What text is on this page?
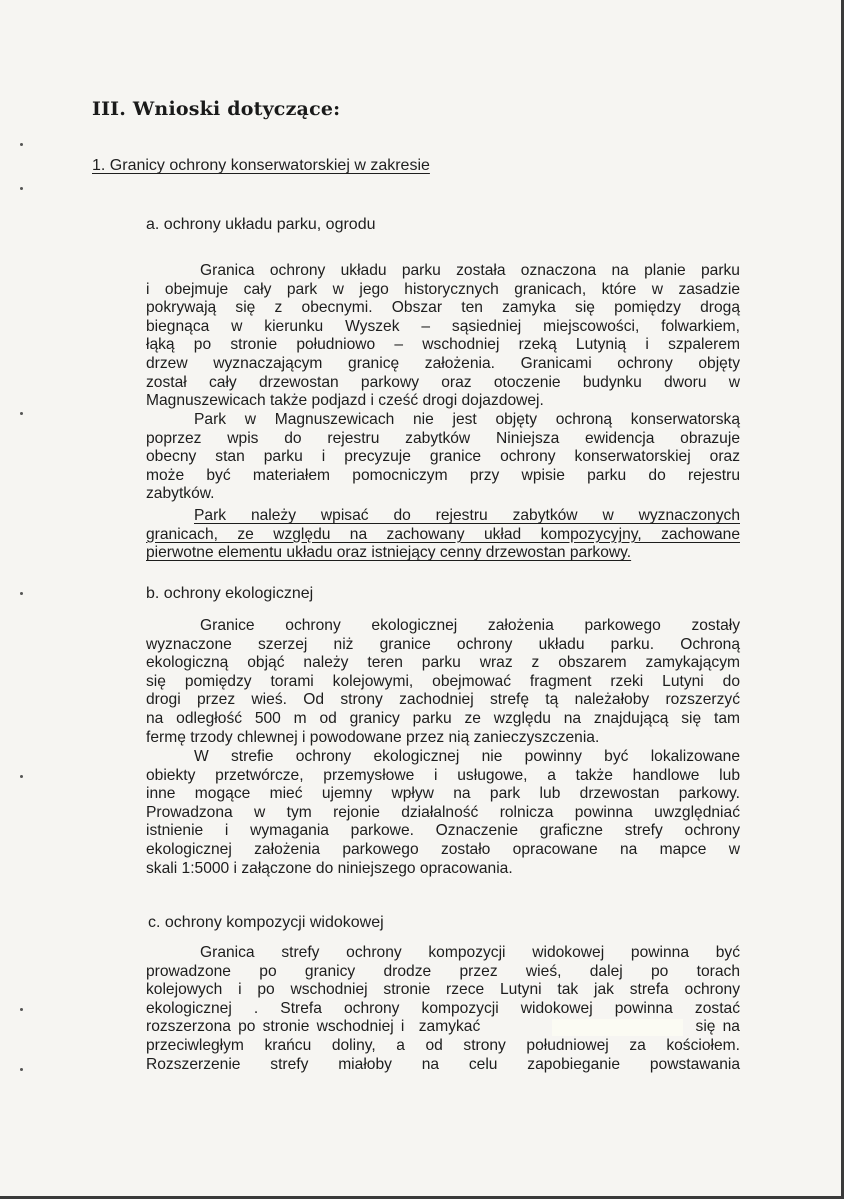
III. Wnioski dotyczące:
1. Granicy ochrony konserwatorskiej w zakresie
a. ochrony układu parku, ogrodu

Granica ochrony układu parku została oznaczona na planie parku
i obejmuje cały park w jego historycznych granicach, które w zasadzie
pokrywają się z obecnymi. Obszar ten zamyka się pomiędzy drogą
biegnąca w kierunku Wyszek – sąsiedniej miejscowości, folwarkiem,
łąką po stronie południowo – wschodniej rzeką Lutynią i szpalerem
drzew wyznaczającym granicę założenia. Granicami ochrony objęty
został cały drzewostan parkowy oraz otoczenie budynku dworu w
Magnuszewicach także podjazd i cześć drogi dojazdowej.

Park w Magnuszewicach nie jest objęty ochroną konserwatorską
poprzez wpis do rejestru zabytków Niniejsza ewidencja obrazuje
obecny stan parku i precyzuje granice ochrony konserwatorskiej oraz
może być materiałem pomocniczym przy wpisie parku do rejestru
zabytków.

Park należy wpisać do rejestru zabytków w wyznaczonych
granicach, ze względu na zachowany układ kompozycyjny, zachowane
pierwotne elementu układu oraz istniejący cenny drzewostan parkowy.

b. ochrony ekologicznej

Granice ochrony ekologicznej założenia parkowego zostały
wyznaczone szerzej niż granice ochrony układu parku. Ochroną
ekologiczną objąć należy teren parku wraz z obszarem zamykającym
się pomiędzy torami kolejowymi, obejmować fragment rzeki Lutyni do
drogi przez wieś. Od strony zachodniej strefę tą należałoby rozszerzyć
na odległość 500 m od granicy parku ze względu na znajdującą się tam
fermę trzody chlewnej i powodowane przez nią zanieczyszczenia.

W strefie ochrony ekologicznej nie powinny być lokalizowane
obiekty przetwórcze, przemysłowe i usługowe, a także handlowe lub
inne mogące mieć ujemny wpływ na park lub drzewostan parkowy.
Prowadzona w tym rejonie działalność rolnicza powinna uwzględniać
istnienie i wymagania parkowe. Oznaczenie graficzne strefy ochrony
ekologicznej założenia parkowego zostało opracowane na mapce w
skali 1:5000 i załączone do niniejszego opracowania.

c. ochrony kompozycji widokowej

Granica strefy ochrony kompozycji widokowej powinna być
prowadzone po granicy drodze przez wieś, dalej po torach
kolejowych i po wschodniej stronie rzece Lutyni tak jak strefa ochrony
ekologicznej . Strefa ochrony kompozycji widokowej powinna zostać
rozszerzona po stronie wschodniej i  zamykać                              się na
przeciwległym krańcu doliny, a od strony południowej za kościołem.
Rozszerzenie strefy miałoby na celu zapobieganie powstawania
